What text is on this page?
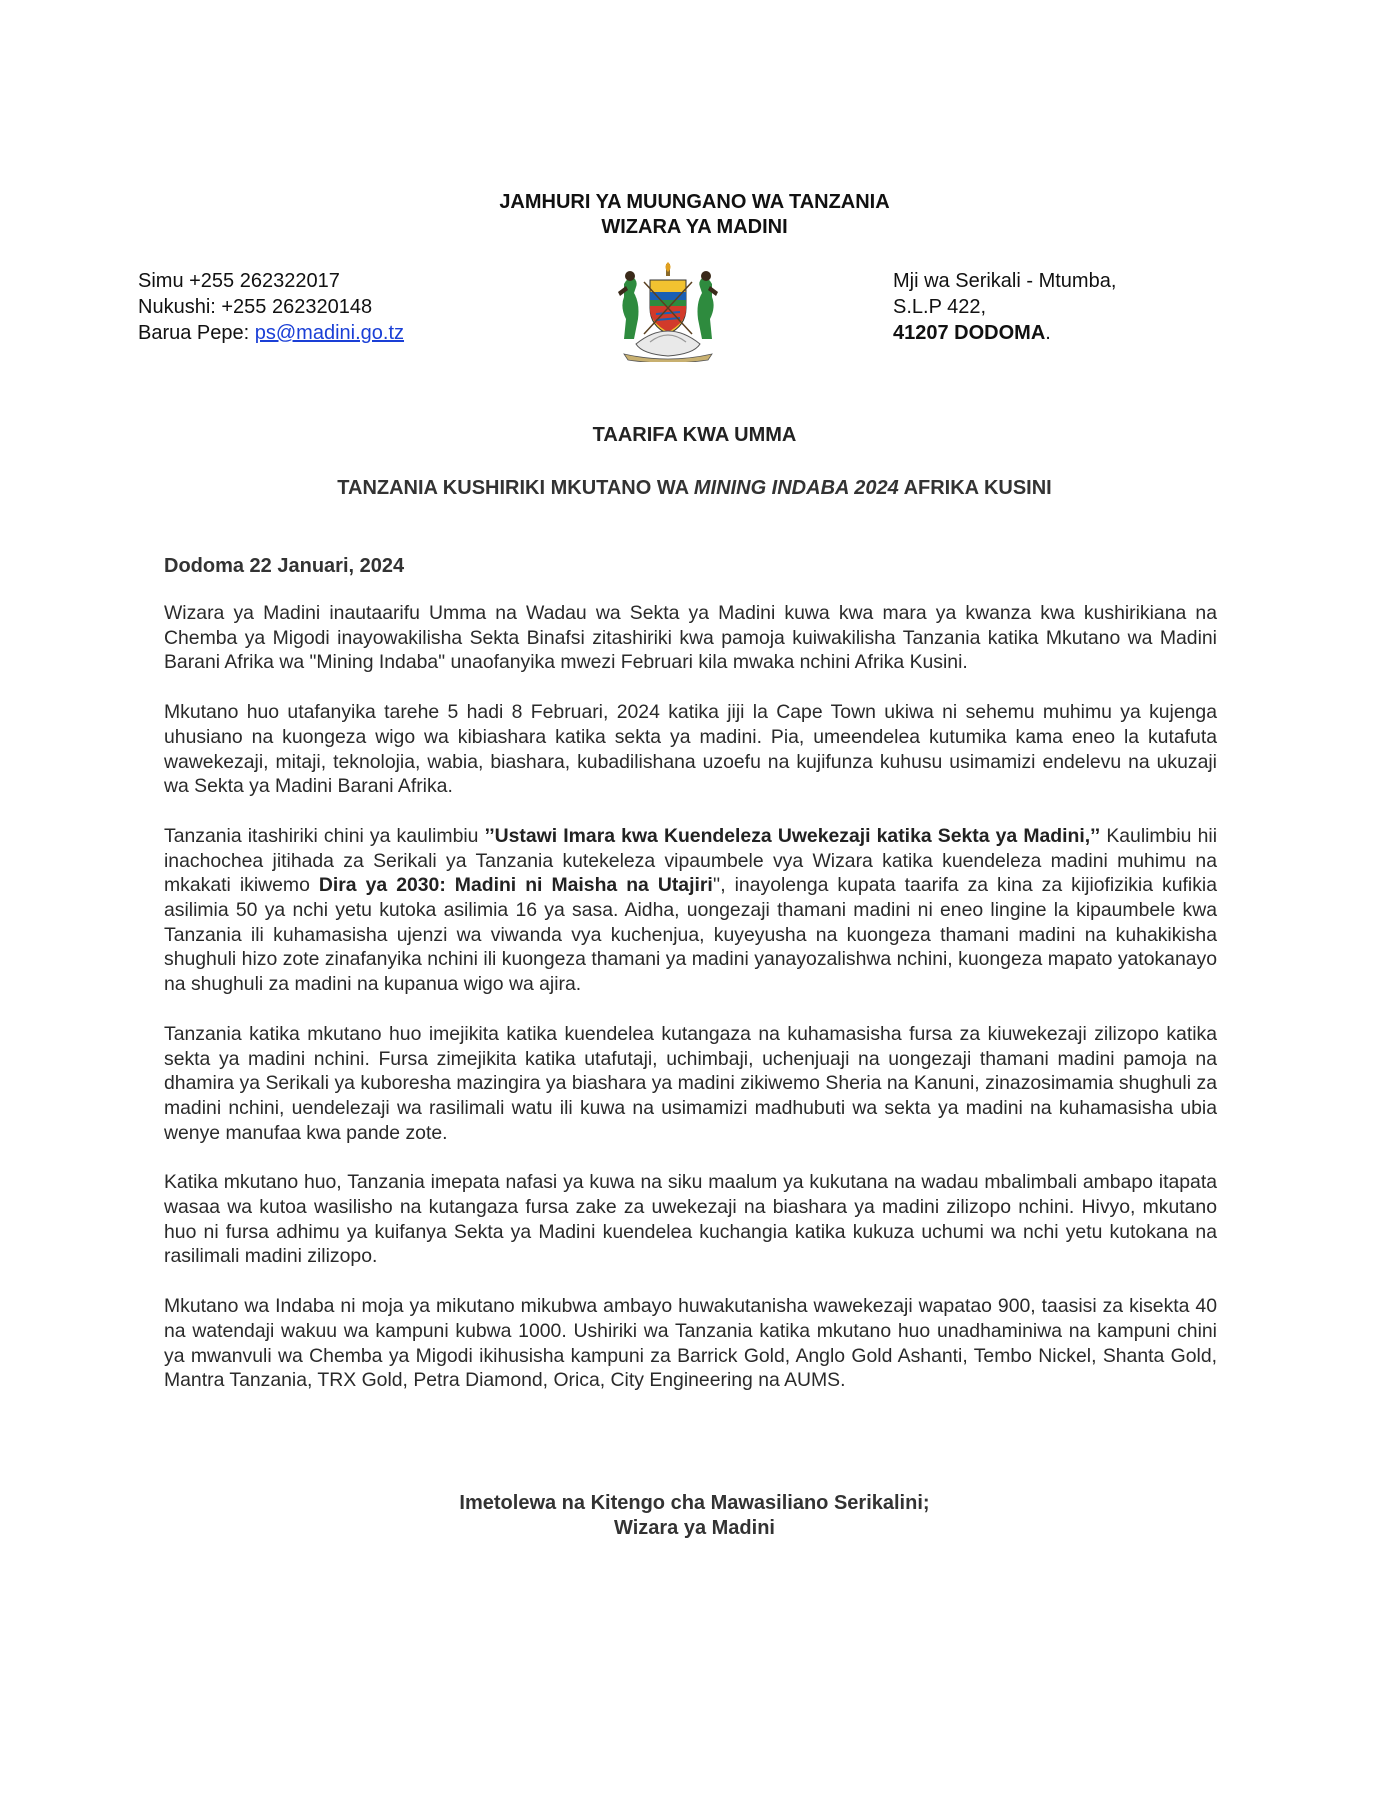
JAMHURI YA MUUNGANO WA TANZANIA
WIZARA YA MADINI
Simu +255 262322017
Nukushi: +255 262320148
Barua Pepe: ps@madini.go.tz
Mji wa Serikali - Mtumba,
S.L.P 422,
41207 DODOMA.
TAARIFA KWA UMMA
TANZANIA KUSHIRIKI MKUTANO WA MINING INDABA 2024 AFRIKA KUSINI
Dodoma 22 Januari, 2024

Wizara ya Madini inautaarifu Umma na Wadau wa Sekta ya Madini kuwa kwa mara ya kwanza kwa kushirikiana na Chemba ya Migodi inayowakilisha Sekta Binafsi zitashiriki kwa pamoja kuiwakilisha Tanzania katika Mkutano wa Madini Barani Afrika wa "Mining Indaba" unaofanyika mwezi Februari kila mwaka nchini Afrika Kusini.

Mkutano huo utafanyika tarehe 5 hadi 8 Februari, 2024 katika jiji la Cape Town ukiwa ni sehemu muhimu ya kujenga uhusiano na kuongeza wigo wa kibiashara katika sekta ya madini. Pia, umeendelea kutumika kama eneo la kutafuta wawekezaji, mitaji, teknolojia, wabia, biashara, kubadilishana uzoefu na kujifunza kuhusu usimamizi endelevu na ukuzaji wa Sekta ya Madini Barani Afrika.

Tanzania itashiriki chini ya kaulimbiu ’’Ustawi Imara kwa Kuendeleza Uwekezaji katika Sekta ya Madini,’’ Kaulimbiu hii inachochea jitihada za Serikali ya Tanzania kutekeleza vipaumbele vya Wizara katika kuendeleza madini muhimu na mkakati ikiwemo Dira ya 2030: Madini ni Maisha na Utajiri'', inayolenga kupata taarifa za kina za kijiofizikia kufikia asilimia 50 ya nchi yetu kutoka asilimia 16 ya sasa. Aidha, uongezaji thamani madini ni eneo lingine la kipaumbele kwa Tanzania ili kuhamasisha ujenzi wa viwanda vya kuchenjua, kuyeyusha na kuongeza thamani madini na kuhakikisha shughuli hizo zote zinafanyika nchini ili kuongeza thamani ya madini yanayozalishwa nchini, kuongeza mapato yatokanayo na shughuli za madini na kupanua wigo wa ajira.

Tanzania katika mkutano huo imejikita katika kuendelea kutangaza na kuhamasisha fursa za kiuwekezaji zilizopo katika sekta ya madini nchini. Fursa zimejikita katika utafutaji, uchimbaji, uchenjuaji na uongezaji thamani madini pamoja na dhamira ya Serikali ya kuboresha mazingira ya biashara ya madini zikiwemo Sheria na Kanuni, zinazosimamia shughuli za madini nchini, uendelezaji wa rasilimali watu ili kuwa na usimamizi madhubuti wa sekta ya madini na kuhamasisha ubia wenye manufaa kwa pande zote.

Katika mkutano huo, Tanzania imepata nafasi ya kuwa na siku maalum ya kukutana na wadau mbalimbali ambapo itapata wasaa wa kutoa wasilisho na kutangaza fursa zake za uwekezaji na biashara ya madini zilizopo nchini. Hivyo, mkutano huo ni fursa adhimu ya kuifanya Sekta ya Madini kuendelea kuchangia katika kukuza uchumi wa nchi yetu kutokana na rasilimali madini zilizopo.

Mkutano wa Indaba ni moja ya mikutano mikubwa ambayo huwakutanisha wawekezaji wapatao 900, taasisi za kisekta 40 na watendaji wakuu wa kampuni kubwa 1000. Ushiriki wa Tanzania katika mkutano huo unadhaminiwa na kampuni chini ya mwanvuli wa Chemba ya Migodi ikihusisha kampuni za Barrick Gold, Anglo Gold Ashanti, Tembo Nickel, Shanta Gold, Mantra Tanzania, TRX Gold, Petra Diamond, Orica, City Engineering na AUMS.

Imetolewa na Kitengo cha Mawasiliano Serikalini;
Wizara ya Madini
